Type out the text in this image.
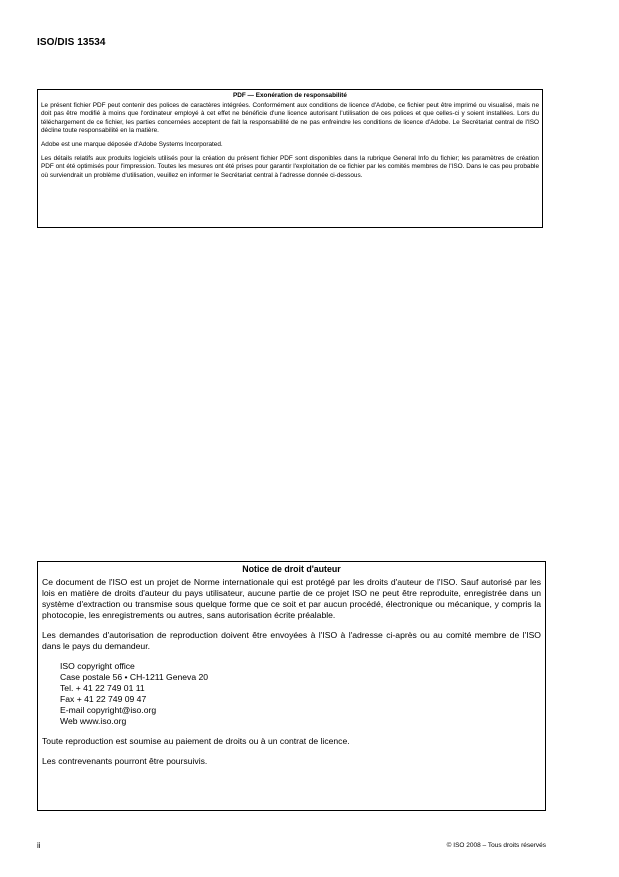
ISO/DIS 13534
PDF — Exonération de responsabilité

Le présent fichier PDF peut contenir des polices de caractères intégrées. Conformément aux conditions de licence d'Adobe, ce fichier peut être imprimé ou visualisé, mais ne doit pas être modifié à moins que l'ordinateur employé à cet effet ne bénéficie d'une licence autorisant l'utilisation de ces polices et que celles-ci y soient installées. Lors du téléchargement de ce fichier, les parties concernées acceptent de fait la responsabilité de ne pas enfreindre les conditions de licence d'Adobe. Le Secrétariat central de l'ISO décline toute responsabilité en la matière.

Adobe est une marque déposée d'Adobe Systems Incorporated.

Les détails relatifs aux produits logiciels utilisés pour la création du présent fichier PDF sont disponibles dans la rubrique General Info du fichier; les paramètres de création PDF ont été optimisés pour l'impression. Toutes les mesures ont été prises pour garantir l'exploitation de ce fichier par les comités membres de l'ISO. Dans le cas peu probable où surviendrait un problème d'utilisation, veuillez en informer le Secrétariat central à l'adresse donnée ci-dessous.

Notice de droit d'auteur

Ce document de l'ISO est un projet de Norme internationale qui est protégé par les droits d'auteur de l'ISO. Sauf autorisé par les lois en matière de droits d'auteur du pays utilisateur, aucune partie de ce projet ISO ne peut être reproduite, enregistrée dans un système d'extraction ou transmise sous quelque forme que ce soit et par aucun procédé, électronique ou mécanique, y compris la photocopie, les enregistrements ou autres, sans autorisation écrite préalable.

Les demandes d'autorisation de reproduction doivent être envoyées à l'ISO à l'adresse ci-après ou au comité membre de l'ISO dans le pays du demandeur.

ISO copyright office
Case postale 56 • CH-1211 Geneva 20
Tel. + 41 22 749 01 11
Fax + 41 22 749 09 47
E-mail copyright@iso.org
Web www.iso.org

Toute reproduction est soumise au paiement de droits ou à un contrat de licence.

Les contrevenants pourront être poursuivis.

ii	© ISO 2008 – Tous droits réservés
